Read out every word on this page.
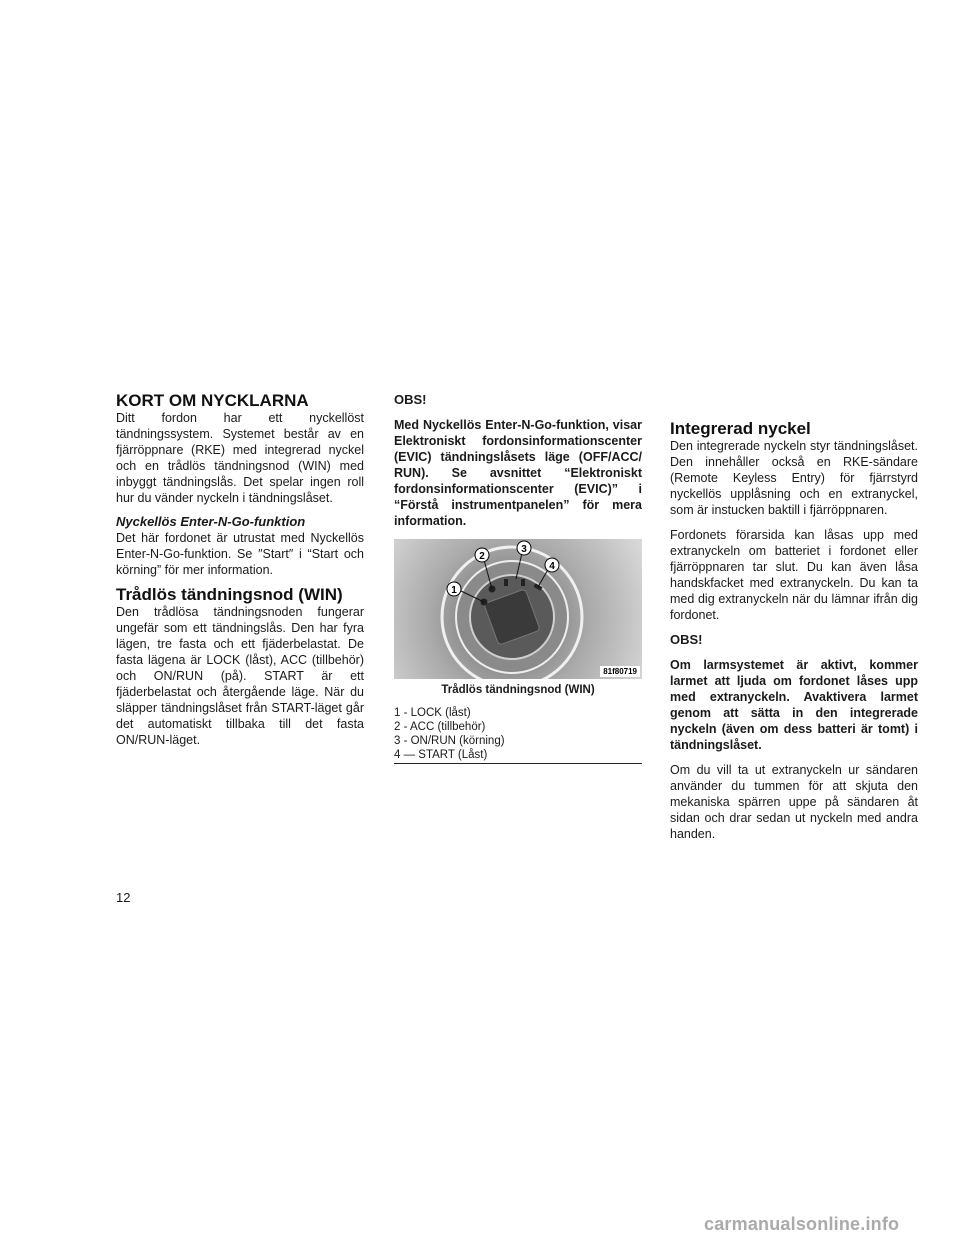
KORT OM NYCKLARNA

Ditt fordon har ett nyckellöst tändningssystem. Systemet består av en fjärröppnare (RKE) med integrerad nyckel och en trådlös tändningsnod (WIN) med inbyggt tändningslås. Det spelar ingen roll hur du vänder nyckeln i tändningslåset.

Nyckellös Enter-N-Go-funktion

Det här fordonet är utrustat med Nyckellös Enter-N-Go-funktion. Se ″Start″ i “Start och körning” för mer information.

Trådlös tändningsnod (WIN)

Den trådlösa tändningsnoden fungerar ungefär som ett tändningslås. Den har fyra lägen, tre fasta och ett fjäderbelastat. De fasta lägena är LOCK (låst), ACC (tillbehör) och ON/RUN (på). START är ett fjäderbelastat och återgående läge. När du släpper tändningslåset från START-läget går det automatiskt tillbaka till det fasta ON/RUN-läget.

OBS!

Med Nyckellös Enter-N-Go-funktion, visar Elektroniskt fordonsinformationscenter (EVIC) tändningslåsets läge (OFF/ACC/ RUN). Se avsnittet “Elektroniskt fordonsinformationscenter (EVIC)” i “Förstå instrumentpanelen” för mera information.

1
2
3
4
81f80719
Trådlös tändningsnod (WIN)
1 - LOCK (låst)
2 - ACC (tillbehör)
3 - ON/RUN (körning)
4 — START (Låst)
Integrerad nyckel

Den integrerade nyckeln styr tändningslåset. Den innehåller också en RKE-sändare (Remote Keyless Entry) för fjärrstyrd nyckellös upplåsning och en extranyckel, som är instucken baktill i fjärröppnaren.

Fordonets förarsida kan låsas upp med extranyckeln om batteriet i fordonet eller fjärröppnaren tar slut. Du kan även låsa handskfacket med extranyckeln. Du kan ta med dig extranyckeln när du lämnar ifrån dig fordonet.

OBS!

Om larmsystemet är aktivt, kommer larmet att ljuda om fordonet låses upp med extranyckeln. Avaktivera larmet genom att sätta in den integrerade nyckeln (även om dess batteri är tomt) i tändningslåset.

Om du vill ta ut extranyckeln ur sändaren använder du tummen för att skjuta den mekaniska spärren uppe på sändaren åt sidan och drar sedan ut nyckeln med andra handen.

12
carmanualsonline.info
